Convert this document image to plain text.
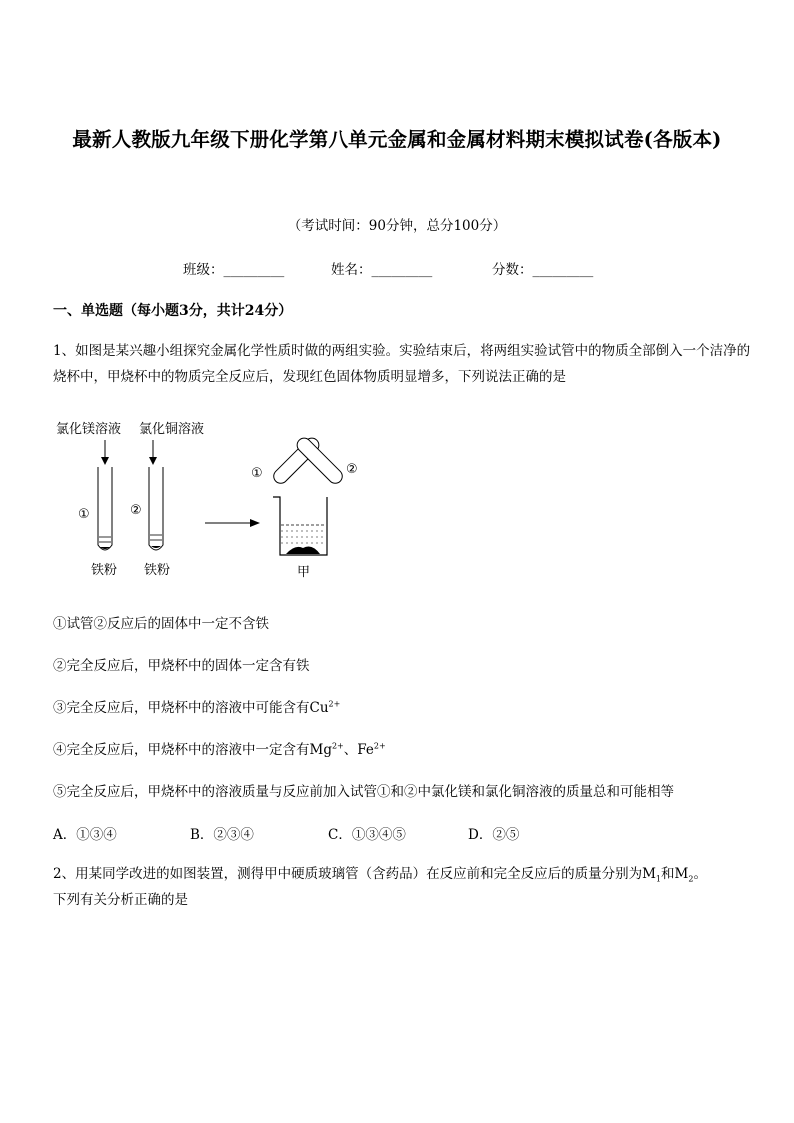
最新人教版九年级下册化学第八单元金属和金属材料期末模拟试卷(各版本)
（考试时间：90分钟，总分100分）
班级：_________	姓名：_________	分数：_________
一、单选题（每小题3分，共计24分）
1、如图是某兴趣小组探究金属化学性质时做的两组实验。实验结束后，将两组实验试管中的物质全部倒入一个洁净的烧杯中，甲烧杯中的物质完全反应后，发现红色固体物质明显增多，下列说法正确的是
氯化镁溶液 氯化铜溶液
①
铁粉
②
铁粉
①	②
甲
①试管②反应后的固体中一定不含铁
②完全反应后，甲烧杯中的固体一定含有铁
③完全反应后，甲烧杯中的溶液中可能含有$Cu^{2+}$
④完全反应后，甲烧杯中的溶液中一定含有$Mg^{2+}$、$Fe^{2+}$
⑤完全反应后，甲烧杯中的溶液质量与反应前加入试管①和②中氯化镁和氯化铜溶液的质量总和可能相等
A．①③④	B．②③④	C．①③④⑤	D．②⑤
2、用某同学改进的如图装置，测得甲中硬质玻璃管（含药品）在反应前和完全反应后的质量分别为$M_1$和$M_2$。
下列有关分析正确的是
